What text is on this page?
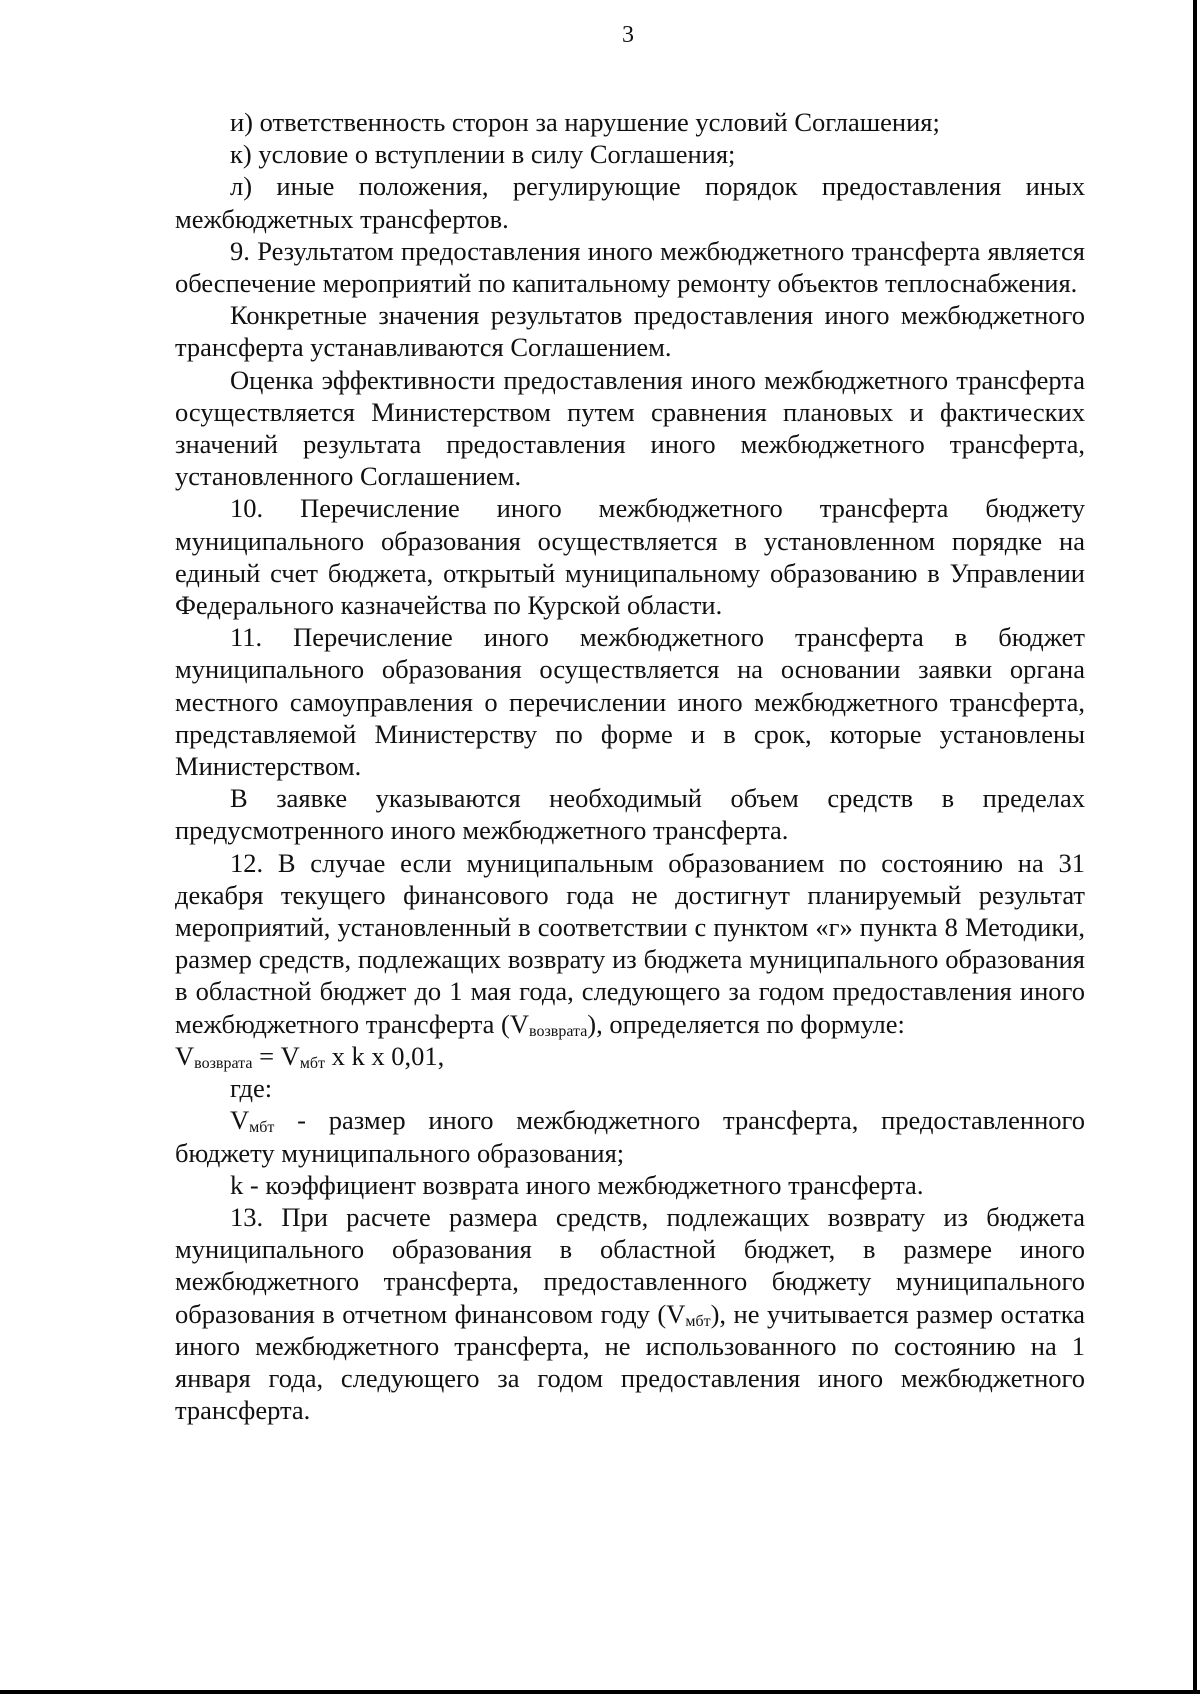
3

и) ответственность сторон за нарушение условий Соглашения;

к) условие о вступлении в силу Соглашения;

л) иные положения, регулирующие порядок предоставления иных межбюджетных трансфертов.

9. Результатом предоставления иного межбюджетного трансферта является обеспечение мероприятий по капитальному ремонту объектов теплоснабжения.

Конкретные значения результатов предоставления иного межбюджетного трансферта устанавливаются Соглашением.

Оценка эффективности предоставления иного межбюджетного трансферта осуществляется Министерством путем сравнения плановых и фактических значений результата предоставления иного межбюджетного трансферта, установленного Соглашением.

10. Перечисление иного межбюджетного трансферта бюджету муниципального образования осуществляется в установленном порядке на единый счет бюджета, открытый муниципальному образованию в Управлении Федерального казначейства по Курской области.

11. Перечисление иного межбюджетного трансферта в бюджет муниципального образования осуществляется на основании заявки органа местного самоуправления о перечислении иного межбюджетного трансферта, представляемой Министерству по форме и в срок, которые установлены Министерством.

В заявке указываются необходимый объем средств в пределах предусмотренного иного межбюджетного трансферта.

12. В случае если муниципальным образованием по состоянию на 31 декабря текущего финансового года не достигнут планируемый результат мероприятий, установленный в соответствии с пунктом «г» пункта 8 Методики, размер средств, подлежащих возврату из бюджета муниципального образования в областной бюджет до 1 мая года, следующего за годом предоставления иного межбюджетного трансферта $(V_{возврата})$, определяется по формуле:

$V_{возврата} = V_{мбт}$ x k x 0,01,

где:

$V_{мбт}$ - размер иного межбюджетного трансферта, предоставленного бюджету муниципального образования;

k - коэффициент возврата иного межбюджетного трансферта.

13. При расчете размера средств, подлежащих возврату из бюджета муниципального образования в областной бюджет, в размере иного межбюджетного трансферта, предоставленного бюджету муниципального образования в отчетном финансовом году $(V_{мбт})$, не учитывается размер остатка иного межбюджетного трансферта, не использованного по состоянию на 1 января года, следующего за годом предоставления иного межбюджетного трансферта.
